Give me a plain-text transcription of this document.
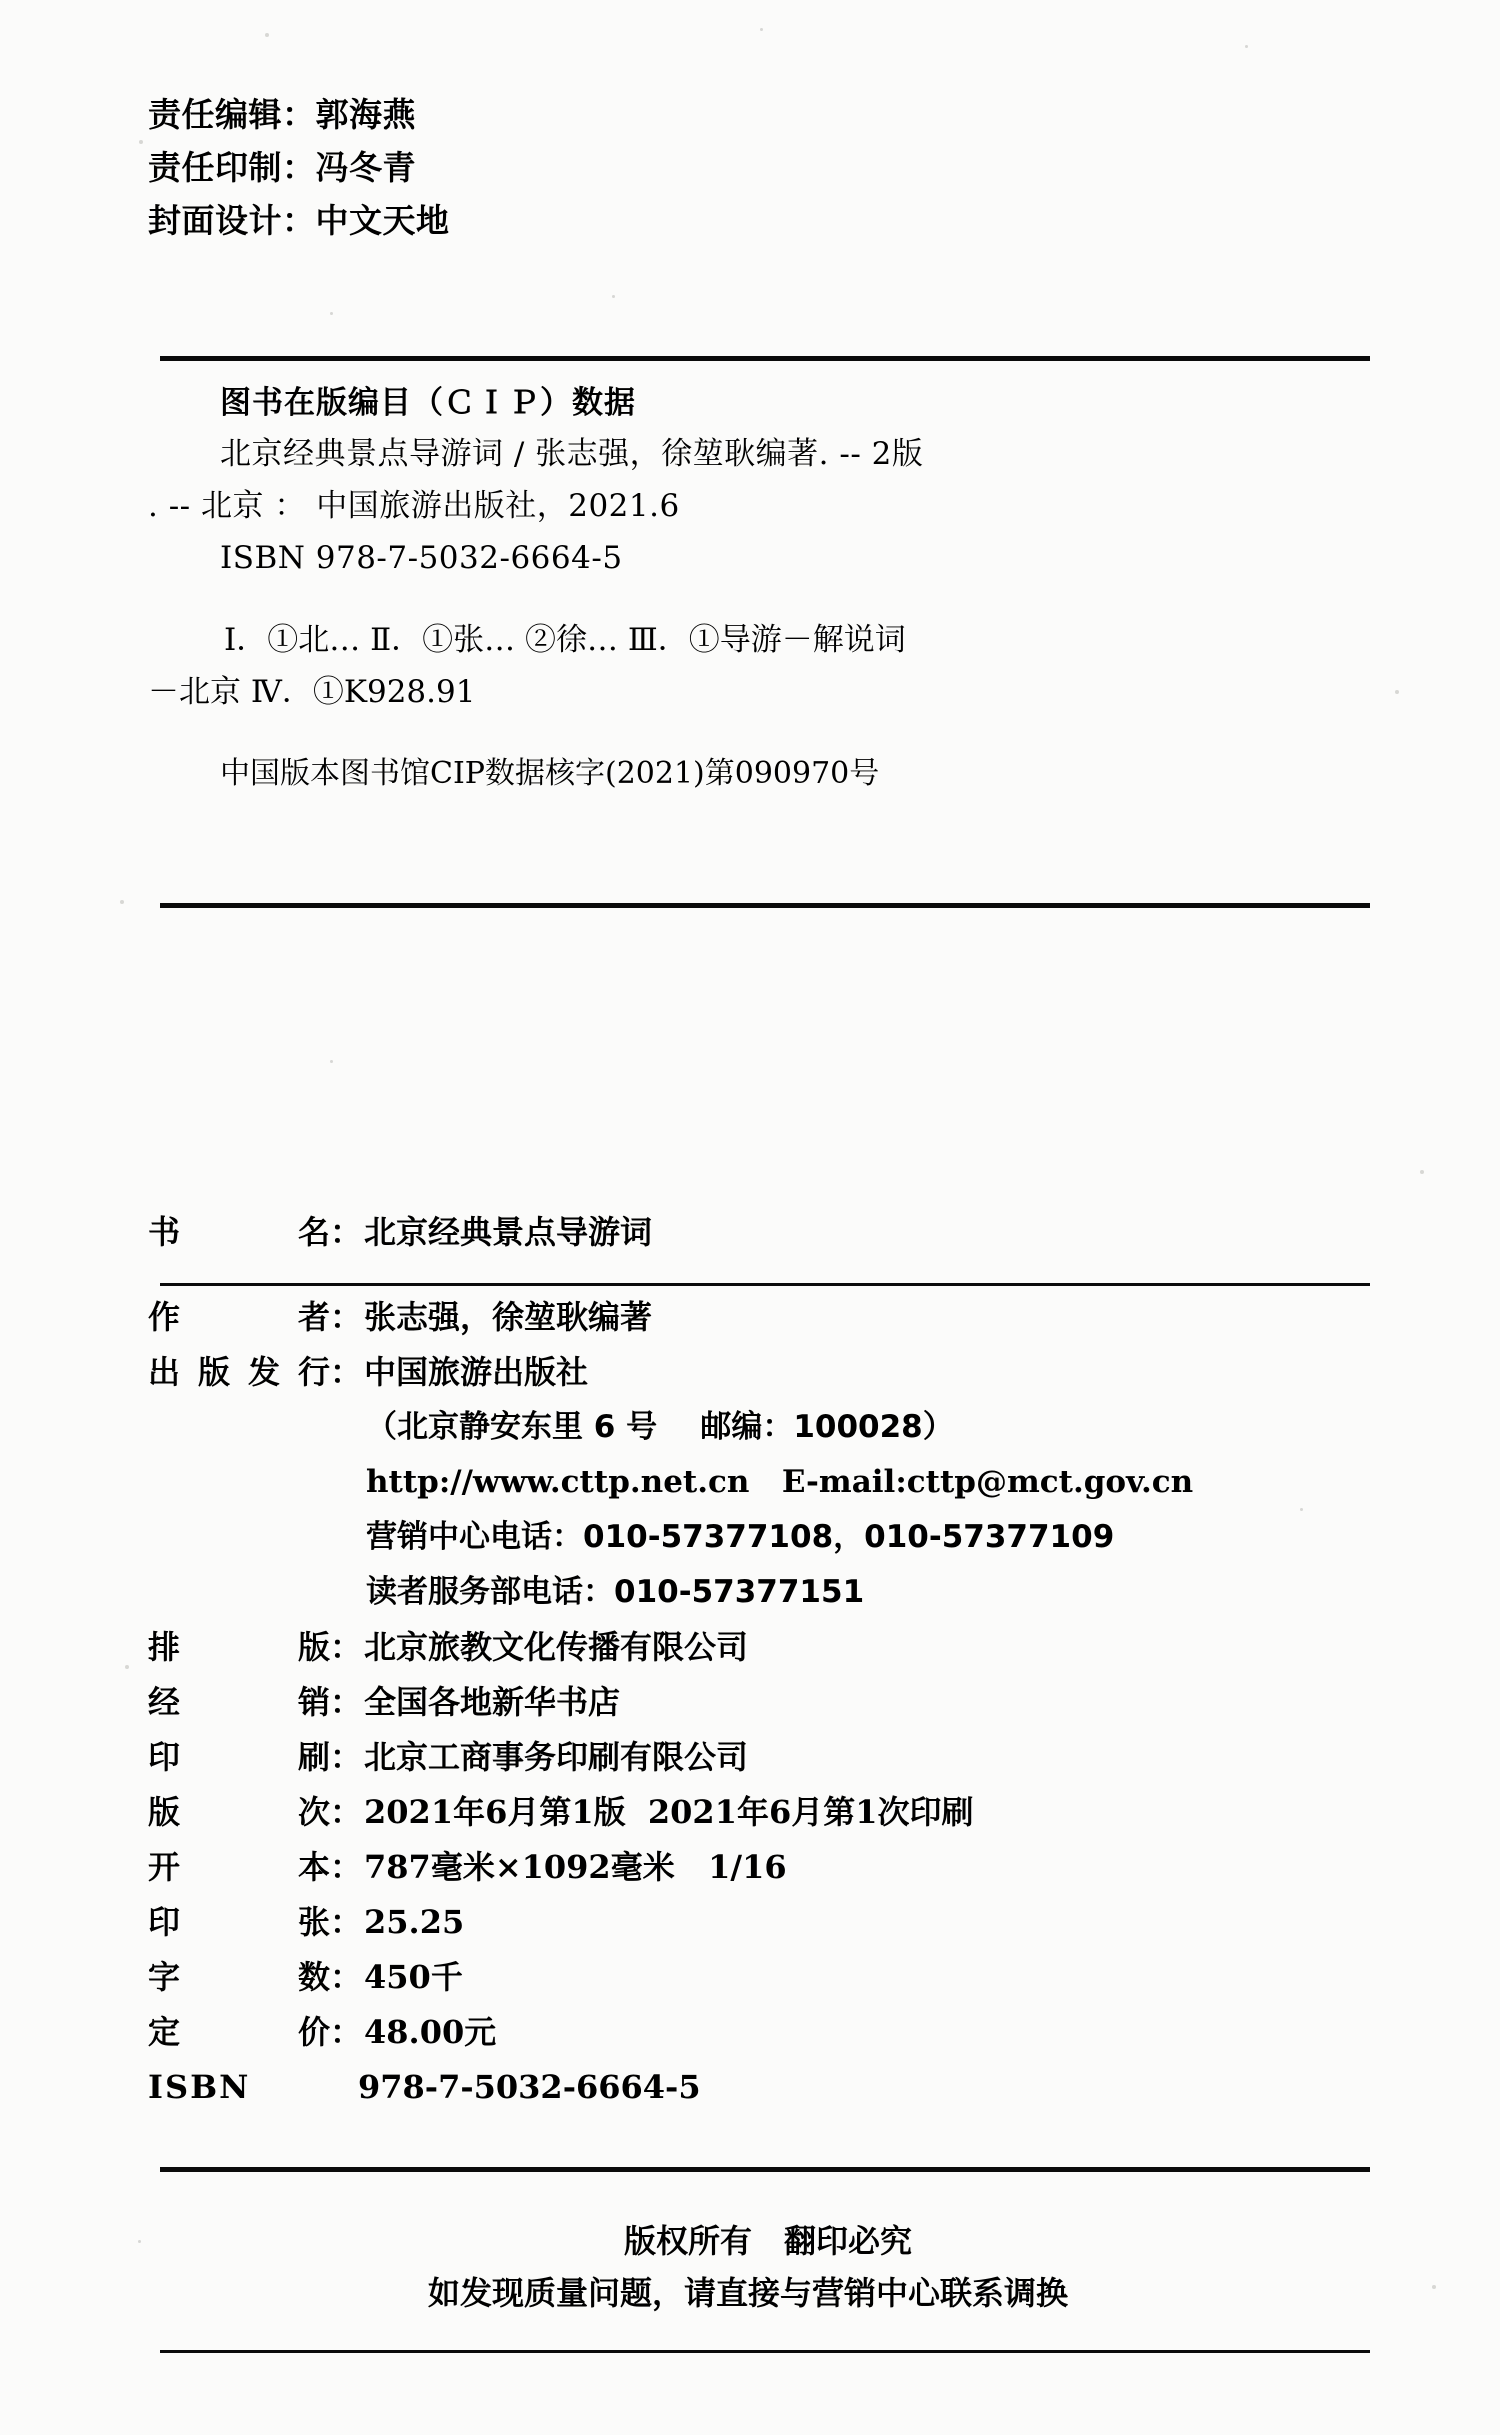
责任编辑：郭海燕
责任印制：冯冬青
封面设计：中文天地
图书在版编目（ＣＩＰ）数据
北京经典景点导游词 / 张志强，徐堃耿编著. -- 2版
. -- 北京 ： 中国旅游出版社，2021.6
ISBN 978-7-5032-6664-5
Ⅰ．①北… Ⅱ．①张… ②徐… Ⅲ．①导游－解说词
－北京 Ⅳ．①K928.91
中国版本图书馆CIP数据核字(2021)第090970号
书	名 ： 北京经典景点导游词
作	者 ： 张志强，徐堃耿编著
出 版 发 行 ： 中国旅游出版社
（北京静安东里 6 号    邮编：100028）
http://www.cttp.net.cn   E-mail:cttp@mct.gov.cn
营销中心电话：010-57377108，010-57377109
读者服务部电话：010-57377151
排	版 ： 北京旅教文化传播有限公司
经	销 ： 全国各地新华书店
印	刷 ： 北京工商事务印刷有限公司
版	次 ： 2021年6月第1版  2021年6月第1次印刷
开	本 ： 787毫米×1092毫米   1/16
印	张 ： 25.25
字	数 ： 450千
定	价 ： 48.00元
ISBN	978-7-5032-6664-5
版权所有　翻印必究
如发现质量问题，请直接与营销中心联系调换
